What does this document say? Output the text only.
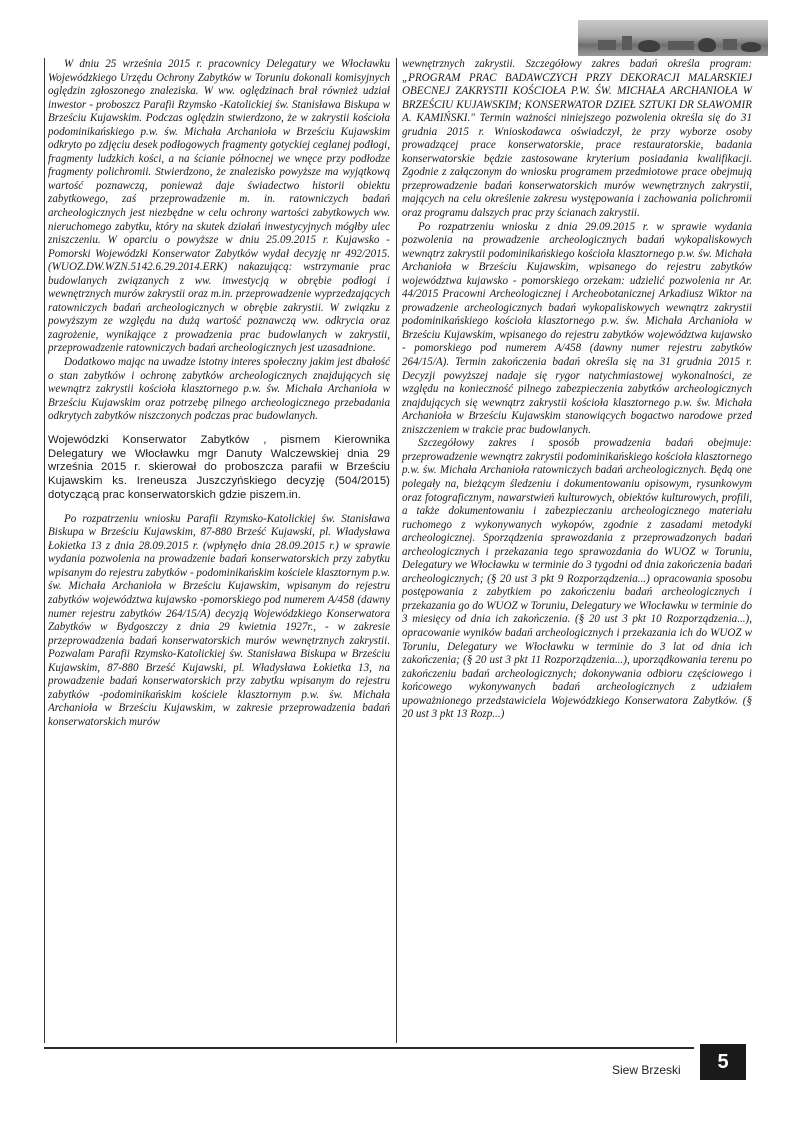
W dniu 25 września 2015 r. pracownicy Delegatury we Włocławku Wojewódzkiego Urzędu Ochrony Zabytków w Toruniu dokonali komisyjnych oględzin zgłoszonego znaleziska. W ww. oględzinach brał również udział inwestor - proboszcz Parafii Rzymsko -Katolickiej św. Stanisława Biskupa w Brześciu Kujawskim. Podczas oględzin stwierdzono, że w zakrystii kościoła podominikańskiego p.w. św. Michała Archanioła w Brześciu Kujawskim odkryto po zdjęciu desek podłogowych fragmenty gotyckiej ceglanej podłogi, fragmenty ludzkich kości, a na ścianie północnej we wnęce przy podłodze fragmenty polichromii. Stwierdzono, że znalezisko powyższe ma wyjątkową wartość poznawczą, ponieważ daje świadectwo historii obiektu zabytkowego, zaś przeprowadzenie m. in. ratowniczych badań archeologicznych jest niezbędne w celu ochrony wartości zabytkowych ww. nieruchomego zabytku, który na skutek działań inwestycyjnych mógłby ulec zniszczeniu. W oparciu o powyższe w dniu 25.09.2015 r. Kujawsko - Pomorski Wojewódzki Konserwator Zabytków wydał decyzję nr 492/2015. (WUOZ.DW.WZN.5142.6.29.2014.ERK) nakazującą: wstrzymanie prac budowlanych związanych z ww. inwestycją w obrębie podłogi i wewnętrznych murów zakrystii oraz m.in. przeprowadzenie wyprzedzających ratowniczych badań archeologicznych w obrębie zakrystii. W związku z powyższym ze względu na dużą wartość poznawczą ww. odkrycia oraz zagrożenie, wynikające z prowadzenia prac budowlanych w zakrystii, przeprowadzenie ratowniczych badań archeologicznych jest uzasadnione.

Dodatkowo mając na uwadze istotny interes społeczny jakim jest dbałość o stan zabytków i ochronę zabytków archeologicznych znajdujących się wewnątrz zakrystii kościoła klasztornego p.w. św. Michała Archanioła w Brześciu Kujawskim oraz potrzebę pilnego archeologicznego przebadania odkrytych zabytków niszczonych podczas prac budowlanych.

Wojewódzki Konserwator Zabytków , pismem Kierownika Delegatury we Włocławku mgr Danuty Walczewskiej dnia 29 września 2015 r. skierował do proboszcza parafii w Brześciu Kujawskim ks. Ireneusza Juszczyńskiego decyzję (504/2015) dotyczącą prac konserwatorskich gdzie piszem.in.

Po rozpatrzeniu wniosku Parafii Rzymsko-Katolickiej św. Stanisława Biskupa w Brześciu Kujawskim, 87-880 Brześć Kujawski, pl. Władysława Łokietka 13 z dnia 28.09.2015 r. (wpłynęło dnia 28.09.2015 r.) w sprawie wydania pozwolenia na prowadzenie badań konserwatorskich przy zabytku wpisanym do rejestru zabytków - podominikańskim kościele klasztornym p.w. św. Michała Archanioła w Brześciu Kujawskim, wpisanym do rejestru zabytków województwa kujawsko -pomorskiego pod numerem A/458 (dawny numer rejestru zabytków 264/15/A) decyzją Wojewódzkiego Konserwatora Zabytków w Bydgoszczy z dnia 29 kwietnia 1927r., - w zakresie przeprowadzenia badań konserwatorskich murów wewnętrznych zakrystii. Pozwalam Parafii Rzymsko-Katolickiej św. Stanisława Biskupa w Brześciu Kujawskim, 87-880 Brześć Kujawski, pl. Władysława Łokietka 13, na prowadzenie badań konserwatorskich przy zabytku wpisanym do rejestru zabytków -podominikańskim kościele klasztornym p.w. św. Michała Archanioła w Brześciu Kujawskim, w zakresie przeprowadzenia badań konserwatorskich murów

wewnętrznych zakrystii. Szczegółowy zakres badań określa program: „PROGRAM PRAC BADAWCZYCH PRZY DEKORACJI MALARSKIEJ OBECNEJ ZAKRYSTII KOŚCIOŁA P.W. ŚW. MICHAŁA ARCHANIOŁA W BRZEŚCIU KUJAWSKIM; KONSERWATOR DZIEŁ SZTUKI DR SŁAWOMIR A. KAMIŃSKI." Termin ważności niniejszego pozwolenia określa się do 31 grudnia 2015 r. Wnioskodawca oświadczył, że przy wyborze osoby prowadzącej prace konserwatorskie, prace restauratorskie, badania konserwatorskie będzie zastosowane kryterium posiadania kwalifikacji. Zgodnie z załączonym do wniosku programem przedmiotowe prace obejmują przeprowadzenie badań konserwatorskich murów wewnętrznych zakrystii, mających na celu określenie zakresu występowania i zachowania polichromii oraz programu dalszych prac przy ścianach zakrystii.

Po rozpatrzeniu wniosku z dnia 29.09.2015 r. w sprawie wydania pozwolenia na prowadzenie archeologicznych badań wykopaliskowych wewnątrz zakrystii podominikańskiego kościoła klasztornego p.w. św. Michała Archanioła w Brześciu Kujawskim, wpisanego do rejestru zabytków województwa kujawsko - pomorskiego orzekam: udzielić pozwolenia nr Ar. 44/2015 Pracowni Archeologicznej i Archeobotanicznej Arkadiusz Wiktor na prowadzenie archeologicznych badań wykopaliskowych wewnątrz zakrystii podominikańskiego kościoła klasztornego p.w. św. Michała Archanioła w Brześciu Kujawskim, wpisanego do rejestru zabytków województwa kujawsko - pomorskiego pod numerem A/458 (dawny numer rejestru zabytków 264/15/A). Termin zakończenia badań określa się na 31 grudnia 2015 r. Decyzji powyższej nadaje się rygor natychmiastowej wykonalności, ze względu na konieczność pilnego zabezpieczenia zabytków archeologicznych znajdujących się wewnątrz zakrystii kościoła klasztornego p.w. św. Michała Archanioła w Brześciu Kujawskim stanowiących bogactwo narodowe przed zniszczeniem w trakcie prac budowlanych.

Szczegółowy zakres i sposób prowadzenia badań obejmuje: przeprowadzenie wewnątrz zakrystii podominikańskiego kościoła klasztornego p.w. św. Michała Archanioła ratowniczych badań archeologicznych. Będą one polegały na, bieżącym śledzeniu i dokumentowaniu opisowym, rysunkowym oraz fotograficznym, nawarstwień kulturowych, obiektów kulturowych, profili, a także dokumentowaniu i zabezpieczaniu archeologicznego materiału ruchomego z wykonywanych wykopów, zgodnie z zasadami metodyki archeologicznej. Sporządzenia sprawozdania z przeprowadzonych badań archeologicznych i przekazania tego sprawozdania do WUOZ w Toruniu, Delegatury we Włocławku w terminie do 3 tygodni od dnia zakończenia badań archeologicznych; (§ 20 ust 3 pkt 9 Rozporządzenia...) opracowania sposobu postępowania z zabytkiem po zakończeniu badań archeologicznych i przekazania go do WUOZ w Toruniu, Delegatury we Włocławku w terminie do 3 miesięcy od dnia ich zakończenia. (§ 20 ust 3 pkt 10 Rozporządzenia...), opracowanie wyników badań archeologicznych i przekazania ich do WUOZ w Toruniu, Delegatury we Włocławku w terminie do 3 lat od dnia ich zakończenia; (§ 20 ust 3 pkt 11 Rozporządzenia...), uporządkowania terenu po zakończeniu badań archeologicznych; dokonywania odbioru częściowego i końcowego wykonywanych badań archeologicznych z udziałem upoważnionego przedstawiciela Wojewódzkiego Konserwatora Zabytków. (§ 20 ust 3 pkt 13 Rozp...)

Siew Brzeski	5
